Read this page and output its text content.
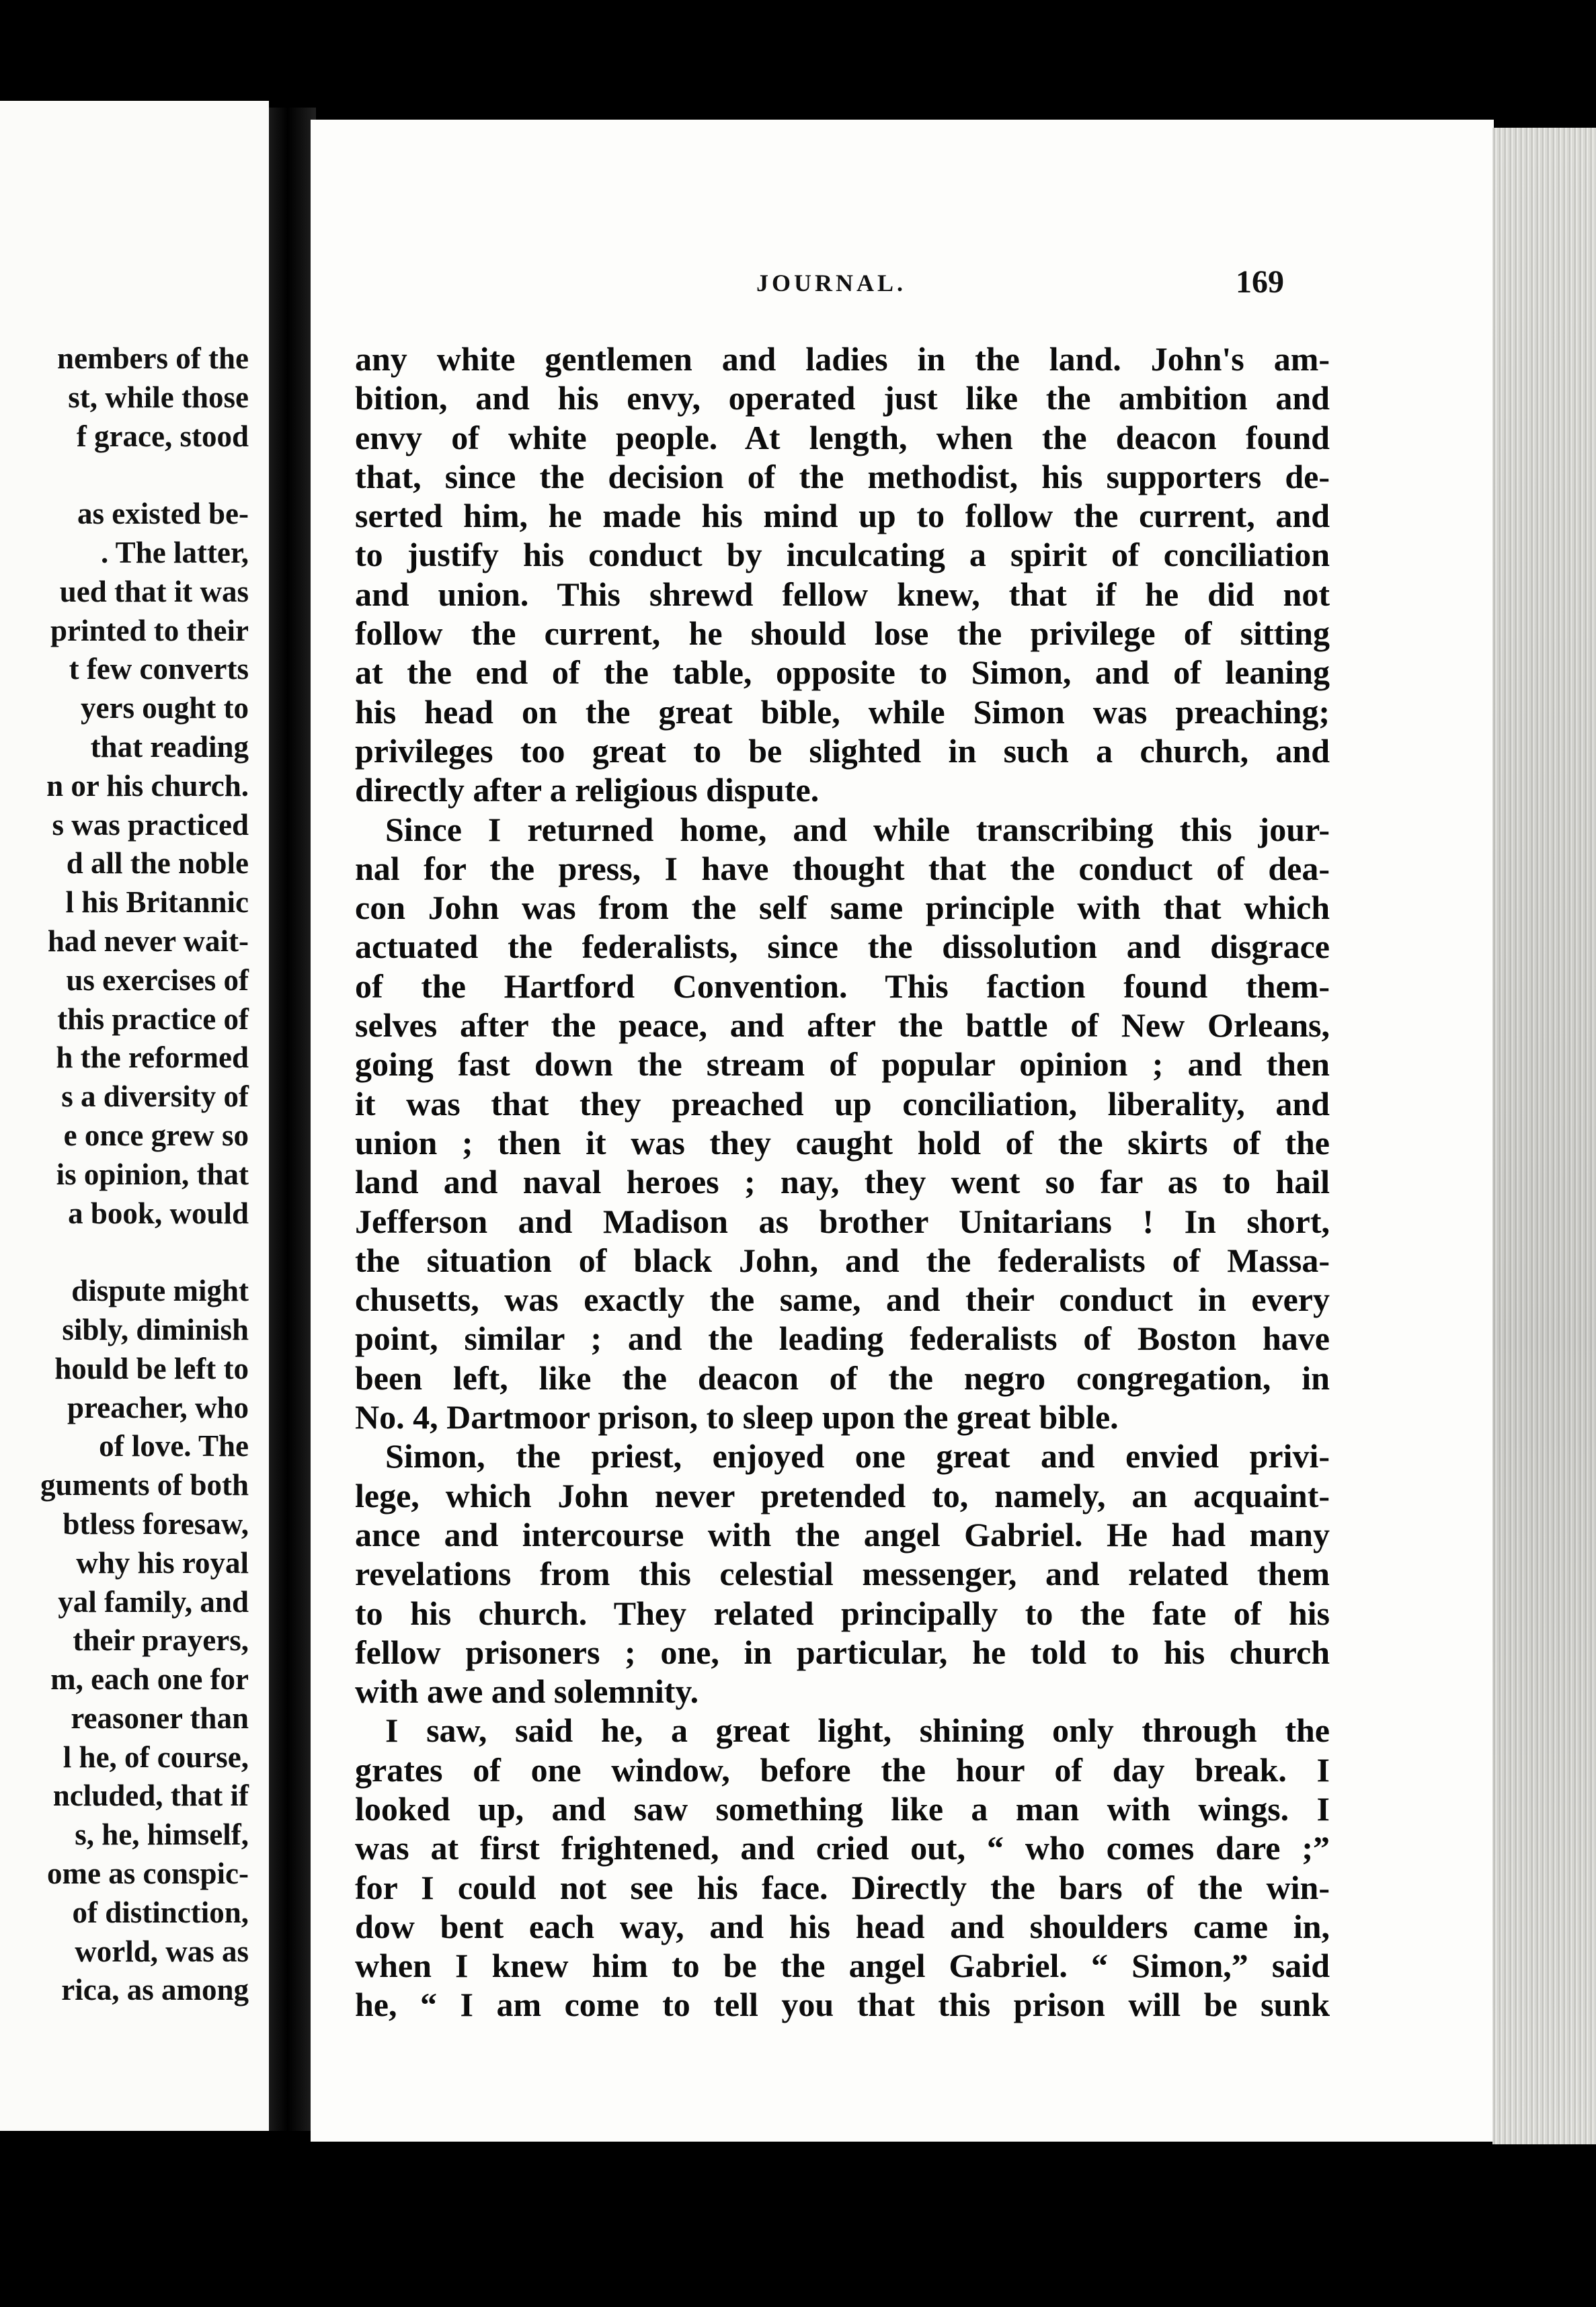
nembers of the
st, while those
f grace, stood
as existed be-
. The latter,
ued that it was
printed to their
t few converts
yers ought to
that reading
n or his church.
s was practiced
d all the noble
l his Britannic
had never wait-
us exercises of
this practice of
h the reformed
s a diversity of
e once grew so
is opinion, that
a book, would
dispute might
sibly, diminish
hould be left to
preacher, who
of love. The
guments of both
btless foresaw,
why his royal
yal family, and
their prayers,
m, each one for
reasoner than
l he, of course,
ncluded, that if
s, he, himself,
ome as conspic-
of distinction,
world, was as
rica, as among
JOURNAL.	169
any white gentlemen and ladies in the land. John's am-
bition, and his envy, operated just like the ambition and
envy of white people. At length, when the deacon found
that, since the decision of the methodist, his supporters de-
serted him, he made his mind up to follow the current, and
to justify his conduct by inculcating a spirit of conciliation
and union. This shrewd fellow knew, that if he did not
follow the current, he should lose the privilege of sitting
at the end of the table, opposite to Simon, and of leaning
his head on the great bible, while Simon was preaching;
privileges too great to be slighted in such a church, and
directly after a religious dispute.
Since I returned home, and while transcribing this jour-
nal for the press, I have thought that the conduct of dea-
con John was from the self same principle with that which
actuated the federalists, since the dissolution and disgrace
of the Hartford Convention. This faction found them-
selves after the peace, and after the battle of New Orleans,
going fast down the stream of popular opinion ; and then
it was that they preached up conciliation, liberality, and
union ; then it was they caught hold of the skirts of the
land and naval heroes ; nay, they went so far as to hail
Jefferson and Madison as brother Unitarians ! In short,
the situation of black John, and the federalists of Massa-
chusetts, was exactly the same, and their conduct in every
point, similar ; and the leading federalists of Boston have
been left, like the deacon of the negro congregation, in
No. 4, Dartmoor prison, to sleep upon the great bible.
Simon, the priest, enjoyed one great and envied privi-
lege, which John never pretended to, namely, an acquaint-
ance and intercourse with the angel Gabriel. He had many
revelations from this celestial messenger, and related them
to his church. They related principally to the fate of his
fellow prisoners ; one, in particular, he told to his church
with awe and solemnity.
I saw, said he, a great light, shining only through the
grates of one window, before the hour of day break. I
looked up, and saw something like a man with wings. I
was at first frightened, and cried out, “ who comes dare ;”
for I could not see his face. Directly the bars of the win-
dow bent each way, and his head and shoulders came in,
when I knew him to be the angel Gabriel. “ Simon,” said
he, “ I am come to tell you that this prison will be sunk
